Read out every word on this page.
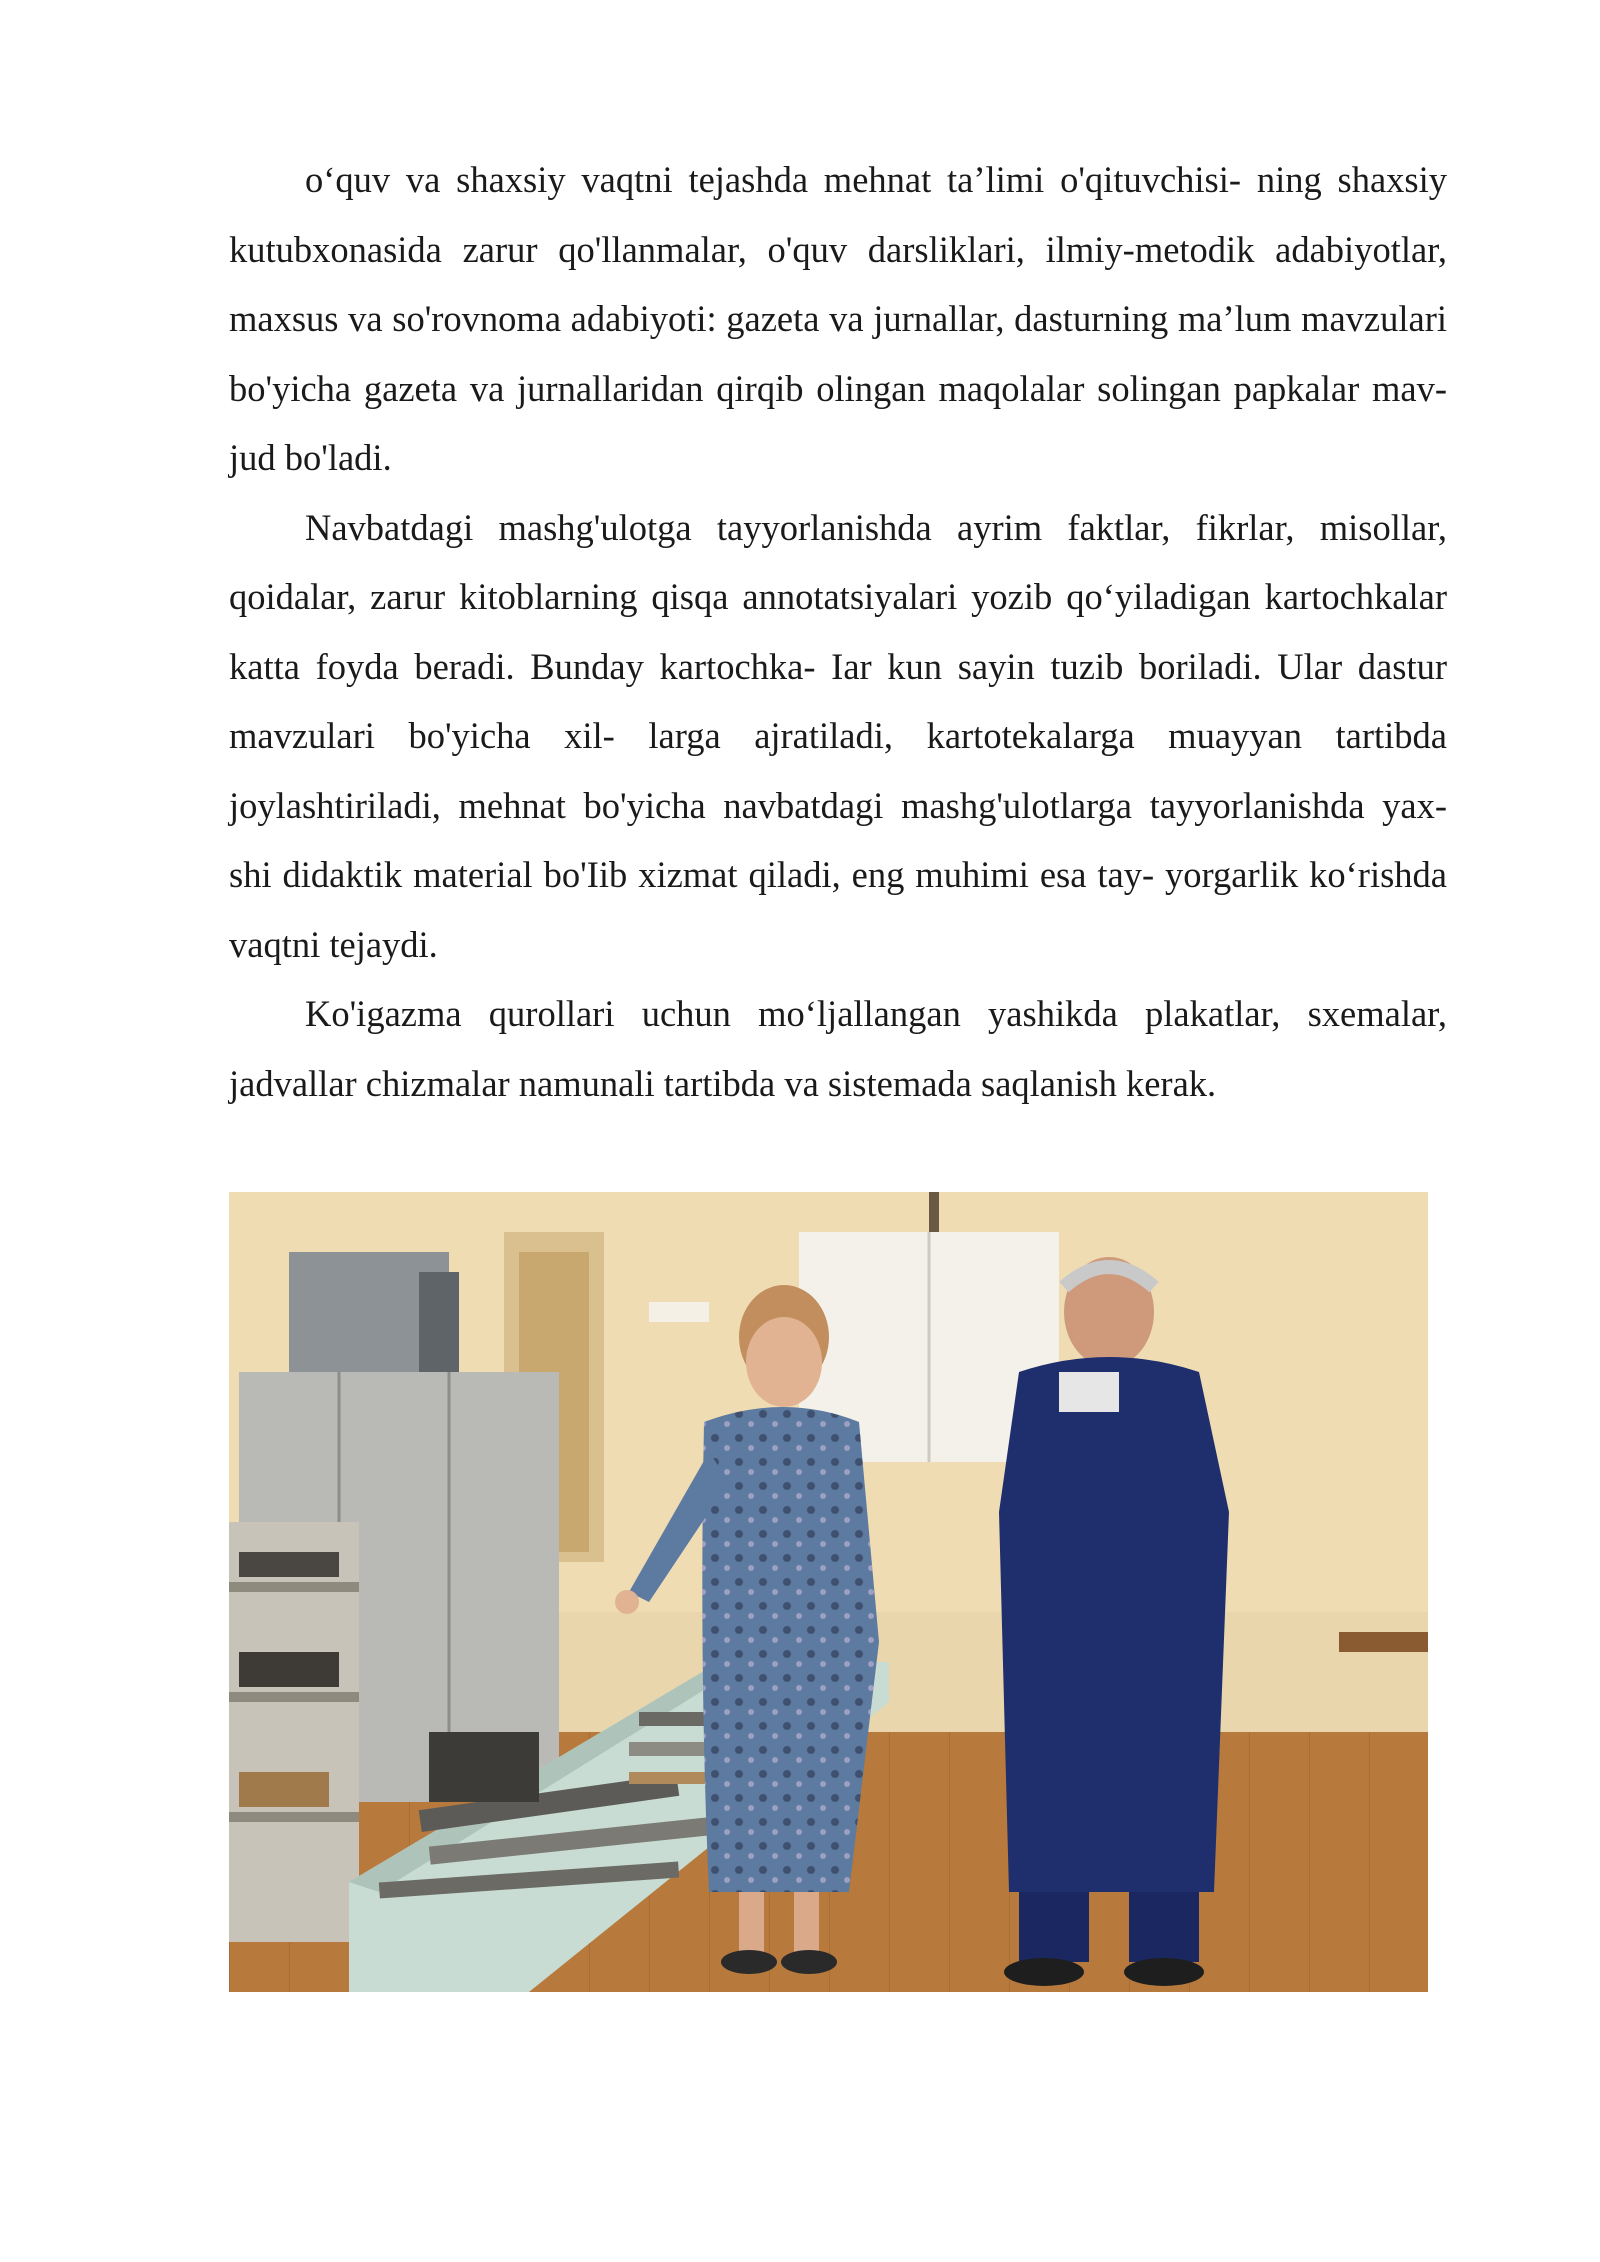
o‘quv va shaxsiy vaqtni tejashda mehnat ta’limi o'qituvchisi- ning shaxsiy kutubxonasida zarur qo'llanmalar, o'quv darsliklari, ilmiy-metodik adabiyotlar, maxsus va so'rovnoma adabiyoti: gazeta va jurnallar, dasturning ma’lum mavzulari bo'yicha gazeta va jurnallaridan qirqib olingan maqolalar solingan papkalar mav- jud bo'ladi.

Navbatdagi mashg'ulotga tayyorlanishda ayrim faktlar, fikrlar, misollar, qoidalar, zarur kitoblarning qisqa annotatsiyalari yozib qo‘yiladigan kartochkalar katta foyda beradi. Bunday kartochka- Iar kun sayin tuzib boriladi. Ular dastur mavzulari bo'yicha xil- larga ajratiladi, kartotekalarga muayyan tartibda joylashtiriladi, mehnat bo'yicha navbatdagi mashg'ulotlarga tayyorlanishda yax- shi didaktik material bo'Iib xizmat qiladi, eng muhimi esa tay- yorgarlik ko‘rishda vaqtni tejaydi.

Ko'igazma qurollari uchun mo‘ljallangan yashikda plakatlar, sxemalar, jadvallar chizmalar namunali tartibda va sistemada saqlanish kerak.
